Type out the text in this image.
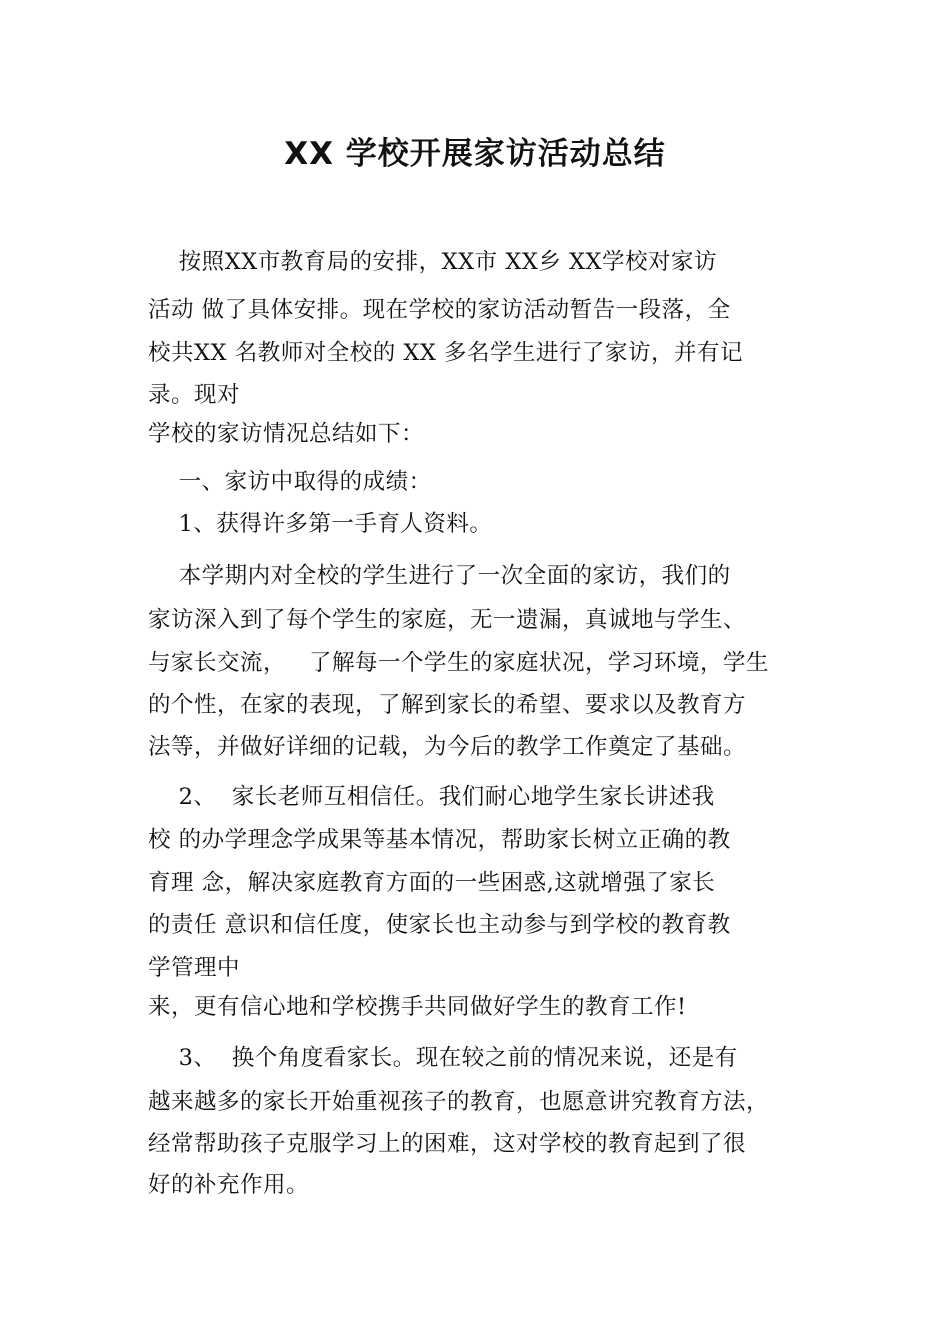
XX 学校开展家访活动总结
按照XX市教育局的安排，XX市 XX乡 XX学校对家访
活动 做了具体安排。现在学校的家访活动暂告一段落，全
校共XX 名教师对全校的 XX 多名学生进行了家访，并有记
录。现对
学校的家访情况总结如下：
一、家访中取得的成绩：
1、获得许多第一手育人资料。
本学期内对全校的学生进行了一次全面的家访，我们的
家访深入到了每个学生的家庭，无一遗漏，真诚地与学生、
与家长交流，   了解每一个学生的家庭状况，学习环境，学生
的个性，在家的表现，了解到家长的希望、要求以及教育方
法等，并做好详细的记载，为今后的教学工作奠定了基础。
2、  家长老师互相信任。我们耐心地学生家长讲述我
校 的办学理念学成果等基本情况，帮助家长树立正确的教
育理 念，解决家庭教育方面的一些困惑,这就增强了家长
的责任 意识和信任度，使家长也主动参与到学校的教育教
学管理中
来，更有信心地和学校携手共同做好学生的教育工作!
3、  换个角度看家长。现在较之前的情况来说，还是有
越来越多的家长开始重视孩子的教育，也愿意讲究教育方法，
经常帮助孩子克服学习上的困难，这对学校的教育起到了很
好的补充作用。
